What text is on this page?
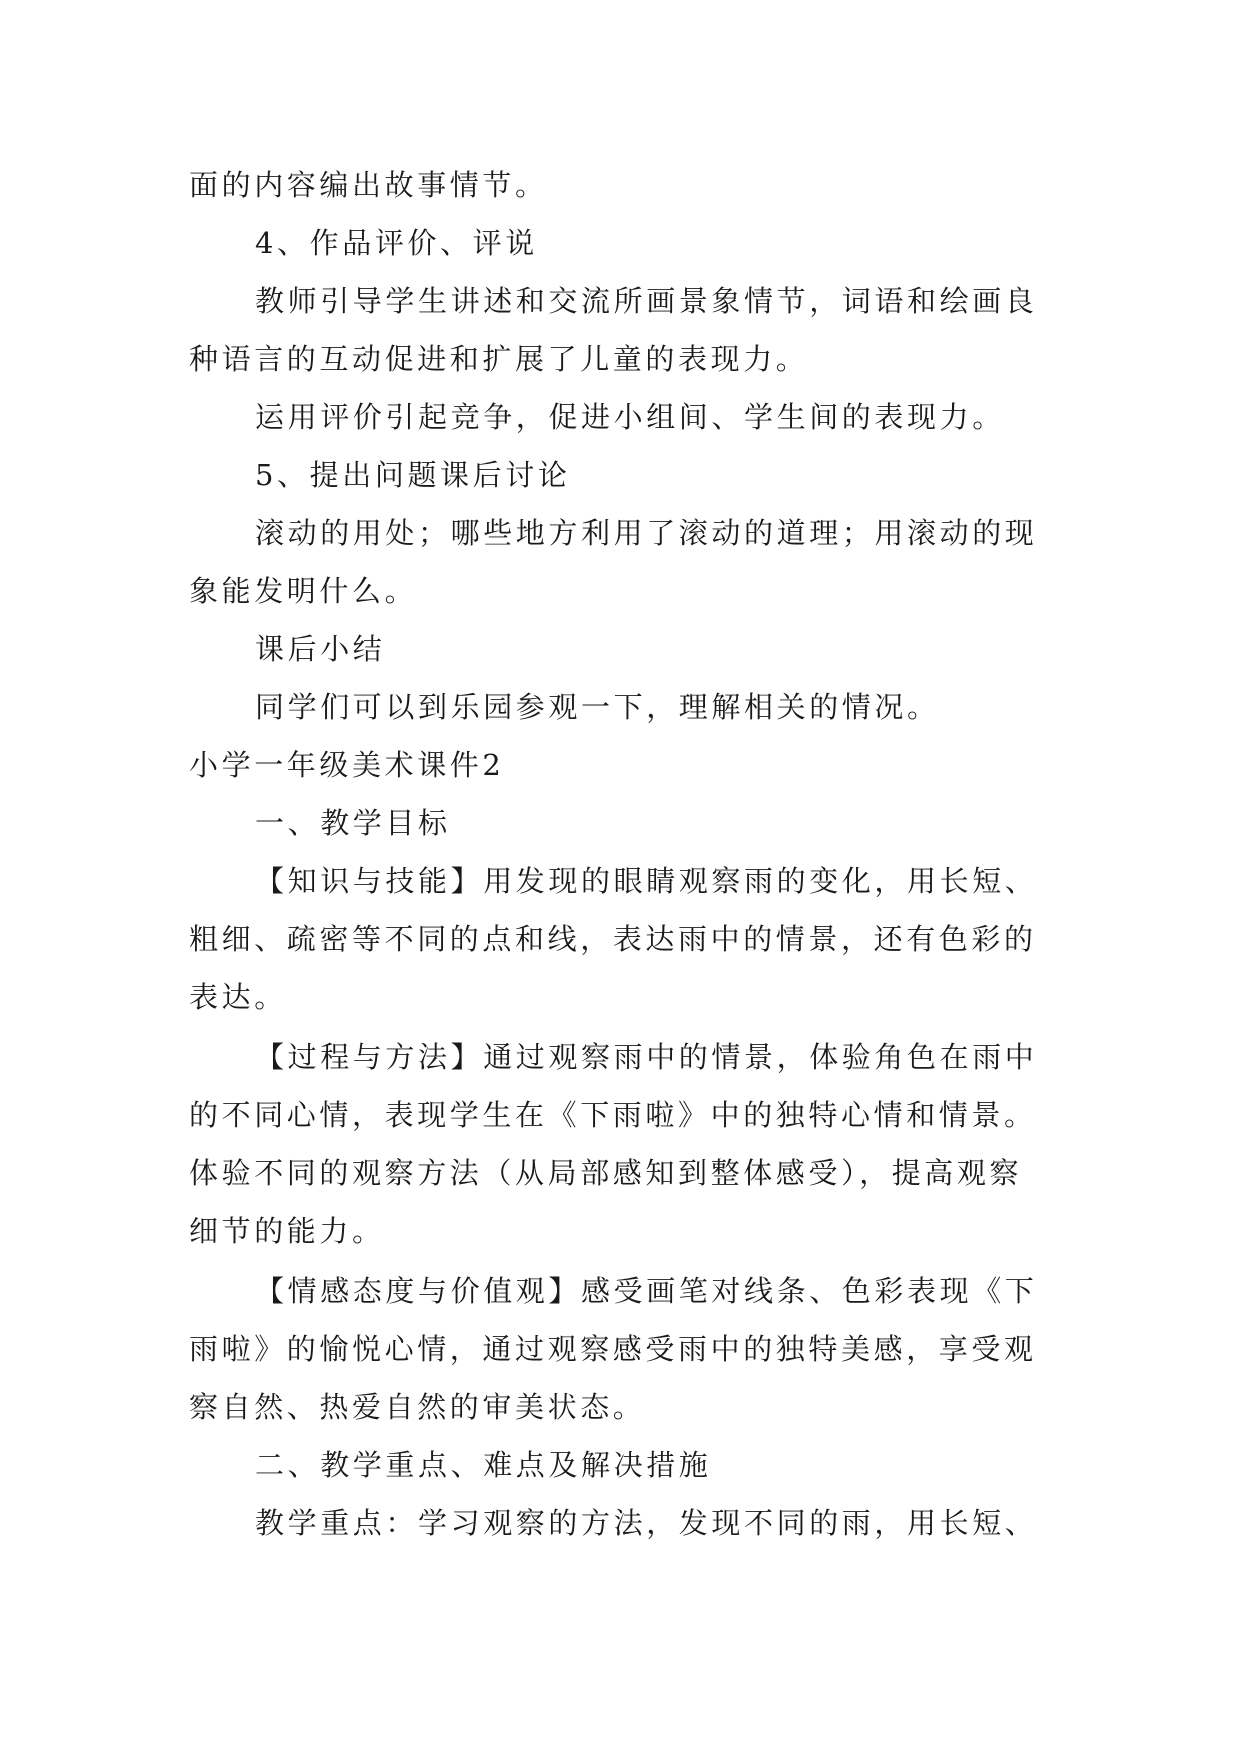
面的内容编出故事情节。
4、作品评价、评说
教师引导学生讲述和交流所画景象情节，词语和绘画良
种语言的互动促进和扩展了儿童的表现力。
运用评价引起竞争，促进小组间、学生间的表现力。
5、提出问题课后讨论
滚动的用处；哪些地方利用了滚动的道理；用滚动的现
象能发明什么。
课后小结
同学们可以到乐园参观一下，理解相关的情况。
小学一年级美术课件2
一、教学目标
【知识与技能】用发现的眼睛观察雨的变化，用长短、
粗细、疏密等不同的点和线，表达雨中的情景，还有色彩的
表达。
【过程与方法】通过观察雨中的情景，体验角色在雨中
的不同心情，表现学生在《下雨啦》中的独特心情和情景。
体验不同的观察方法（从局部感知到整体感受），提高观察
细节的能力。
【情感态度与价值观】感受画笔对线条、色彩表现《下
雨啦》的愉悦心情，通过观察感受雨中的独特美感，享受观
察自然、热爱自然的审美状态。
二、教学重点、难点及解决措施
教学重点：学习观察的方法，发现不同的雨，用长短、
